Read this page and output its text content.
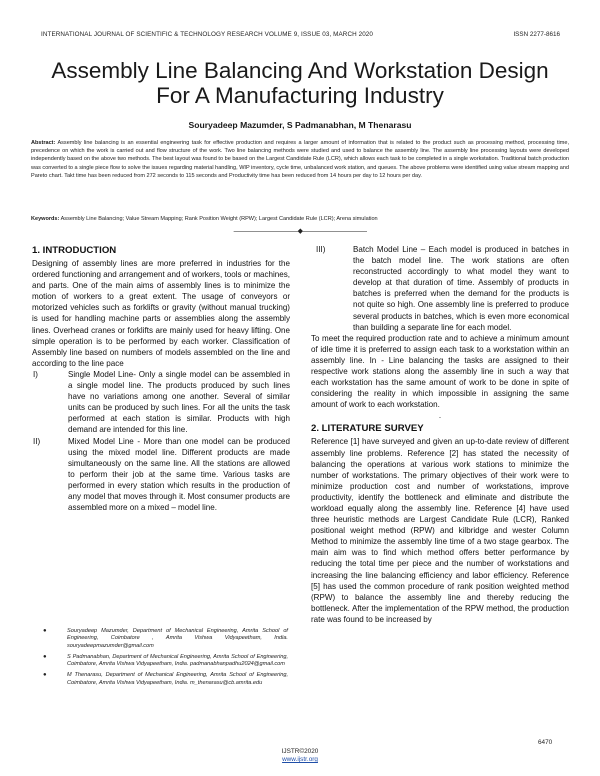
INTERNATIONAL JOURNAL OF SCIENTIFIC & TECHNOLOGY RESEARCH VOLUME 9, ISSUE 03, MARCH 2020	ISSN 2277-8616
Assembly Line Balancing And Workstation Design
For A Manufacturing Industry
Souryadeep Mazumder, S Padmanabhan, M Thenarasu
Abstract: Assembly line balancing is an essential engineering task for effective production and requires a larger amount of information that is related to the product such as processing method, processing time, precedence on which the work is carried out and flow structure of the work. Two line balancing methods were studied and used to balance the assembly line. The assembly line processing layouts were developed independently based on the above two methods. The best layout was found to be based on the Largest Candidate Rule (LCR), which allows each task to be completed in a single workstation. Traditional batch production was converted to a single piece flow to solve the issues regarding material handling, WIP inventory, cycle time, unbalanced work station, and queues. The above problems were identified using value stream mapping and Pareto chart. Takt time has been reduced from 272 seconds to 115 seconds and Productivity time has been reduced from 14 hours per day to 12 hours per day.
Keywords: Assembly Line Balancing; Value Stream Mapping; Rank Position Weight (RPW); Largest Candidate Rule (LCR); Arena simulation
——————————◆——————————
1. INTRODUCTION

Designing of assembly lines are more preferred in industries for the ordered functioning and arrangement and of workers, tools or machines, and parts. One of the main aims of assembly lines is to minimize the motion of workers to a great extent. The usage of conveyors or motorized vehicles such as forklifts or gravity (without manual trucking) is used for handling machine parts or assemblies along the assembly lines. Overhead cranes or forklifts are mainly used for heavy lifting. One simple operation is to be performed by each worker. Classification of Assembly line based on numbers of models assembled on the line and according to the line pace

I)	Single Model Line- Only a single model can be assembled in a single model line. The products produced by such lines have no variations among one another. Several of similar units can be produced by such lines. For all the units the task performed at each station is similar. Products with high demand are intended for this line.
II)	Mixed Model Line - More than one model can be produced using the mixed model line. Different products are made simultaneously on the same line. All the stations are allowed to perform their job at the same time. Various tasks are performed in every station which results in the production of any model that moves through it. Most consumer products are assembled more on a mixed – model line.
●	Souryadeep Mazumder, Department of Mechanical Engineering, Amrita School of Engineering, Coimbatore , Amrita Vishwa Vidyapeetham, India. souryadeepmazumder@gmail.com
●	S Padmanabhan, Department of Mechanical Engineering, Amrita School of Engineering, Coimbatore, Amrita Vishwa Vidyapeetham, India. padmanabhanpadhu2024@gmail.com
●	M Thenarasu, Department of Mechanical Engineering, Amrita School of Engineering, Coimbatore, Amrita Vishwa Vidyapeetham, India. m_thenarasu@cb.amrita.edu
III)	Batch Model Line – Each model is produced in batches in the batch model line. The work stations are often reconstructed accordingly to what model they want to develop at that duration of time. Assembly of products in batches is preferred when the demand for the products is not quite so high. One assembly line is preferred to produce several products in batches, which is even more economical than building a separate line for each model.

To meet the required production rate and to achieve a minimum amount of idle time it is preferred to assign each task to a workstation within an assembly line. In - Line balancing the tasks are assigned to their respective work stations along the assembly line in such a way that each workstation has the same amount of work to be done in spite of considering the reality in which impossible in assigning the same amount of work to each workstation.

.
2. LITERATURE SURVEY

Reference [1] have surveyed and given an up-to-date review of different assembly line problems. Reference [2] has stated the necessity of balancing the operations at various work stations to minimize the number of workstations. The primary objectives of their work were to minimize production cost and number of workstations, improve productivity, identify the bottleneck and eliminate and distribute the workload equally along the assembly line. Reference [4] have used three heuristic methods are Largest Candidate Rule (LCR), Ranked positional weight method (RPW) and kilbridge and wester Column Method to minimize the assembly line time of a two stage gearbox. The main aim was to find which method offers better performance by reducing the total time per piece and the number of workstations and increasing the line balancing efficiency and labor efficiency. Reference [5] has used the common procedure of rank position weighted method (RPW) to balance the assembly line and thereby reducing the bottleneck. After the implementation of the RPW method, the production rate was found to be increased by

6470
IJSTR©2020
www.ijstr.org
